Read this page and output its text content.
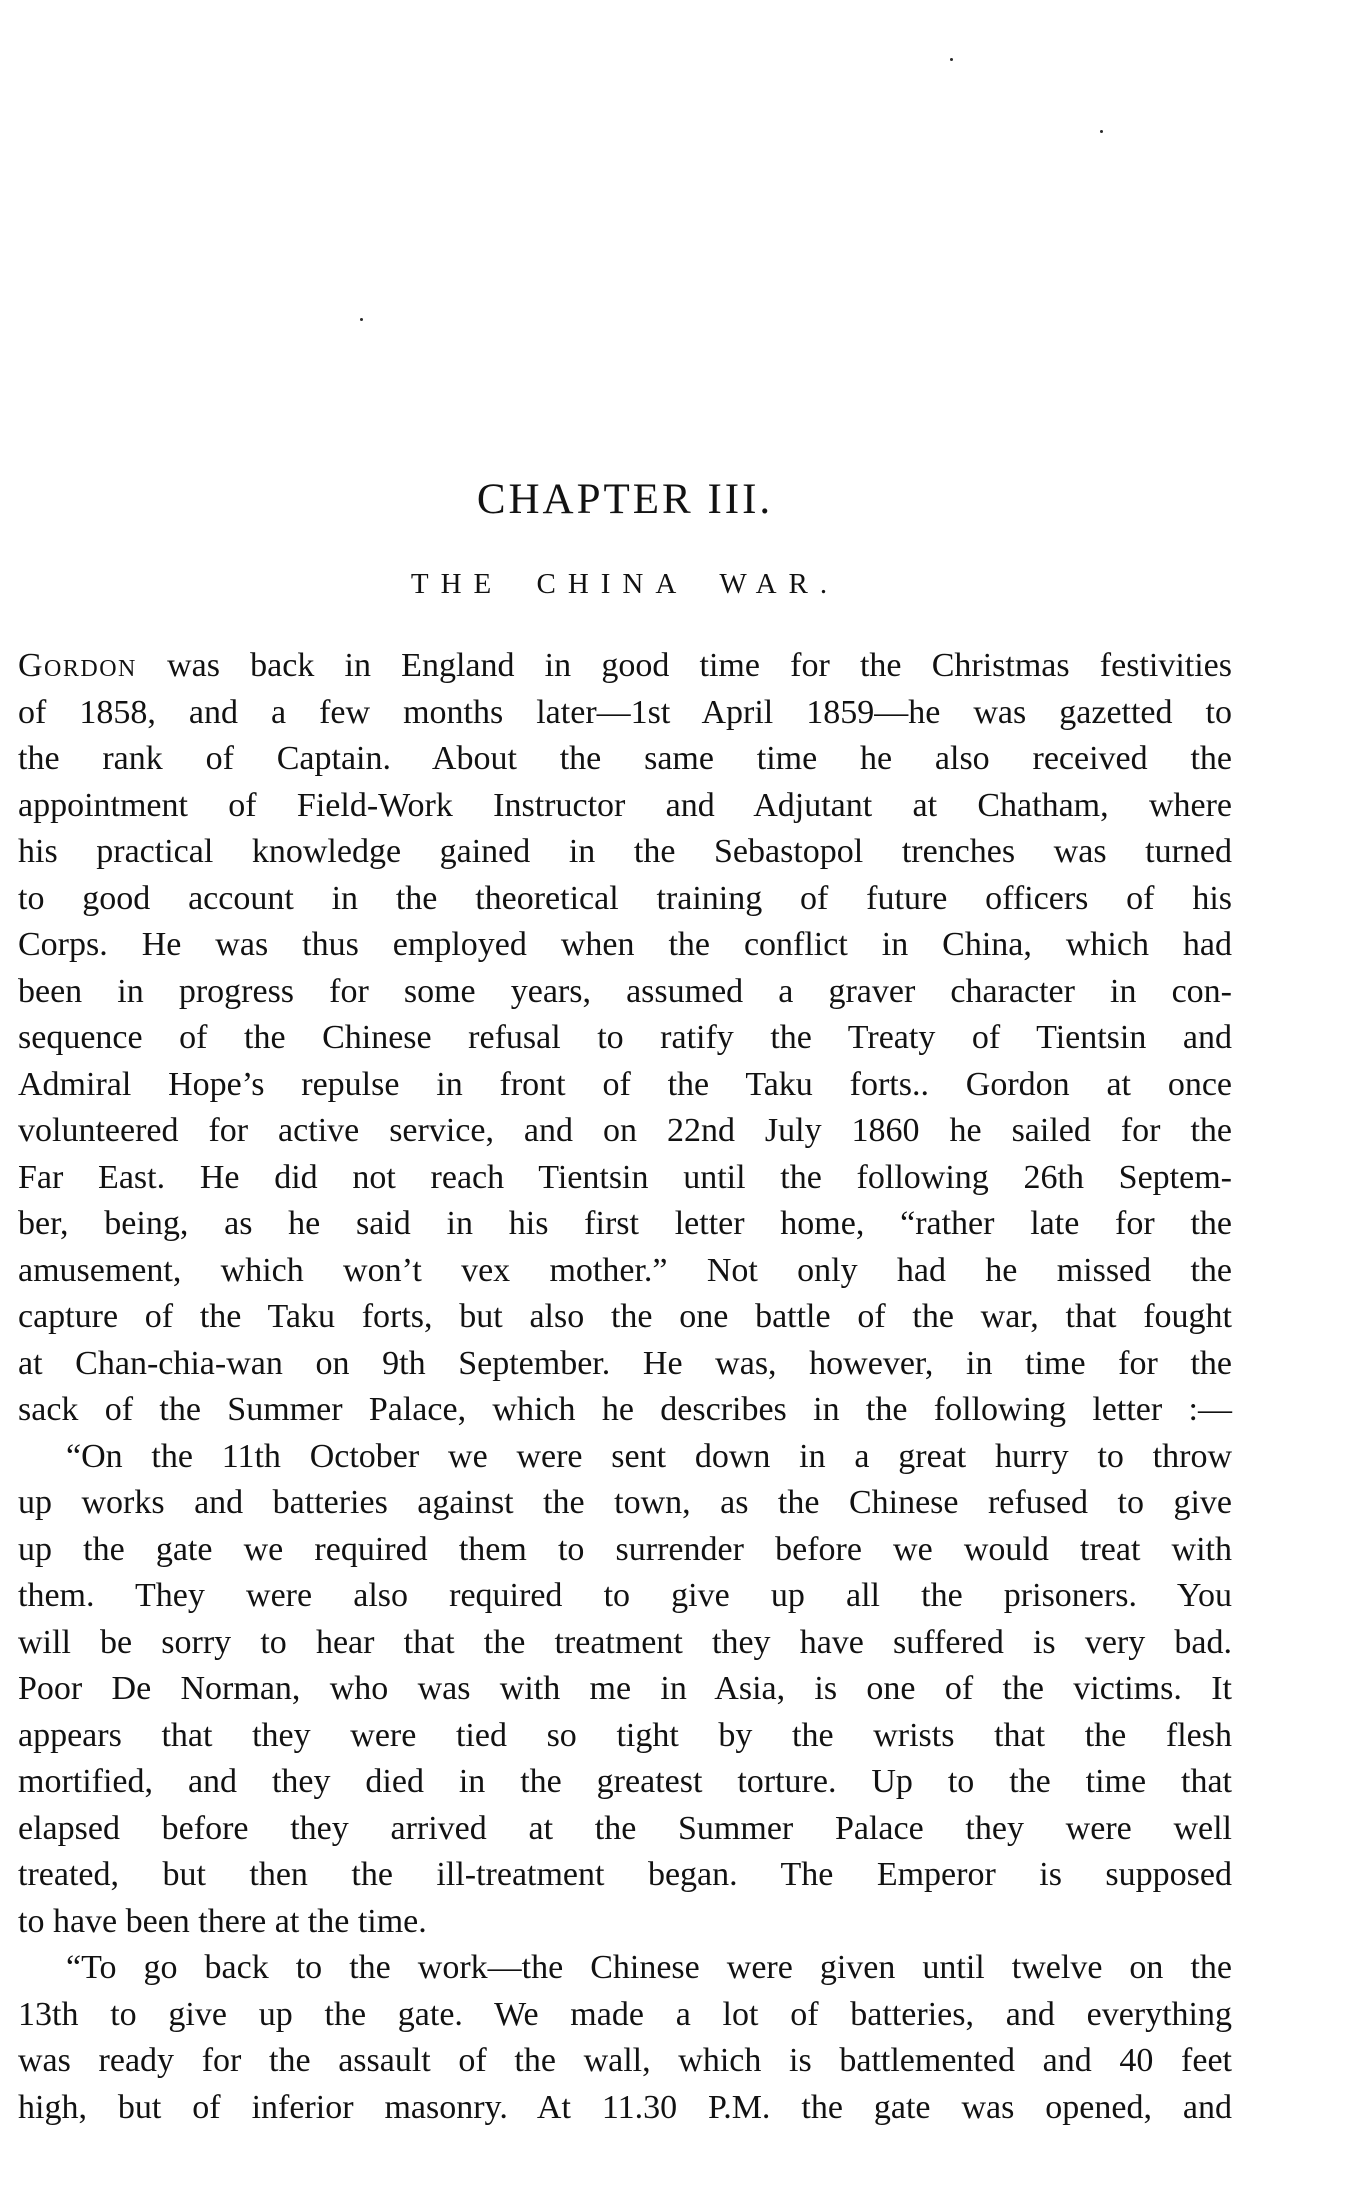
CHAPTER III.
THE CHINA WAR.
Gordon was back in England in good time for the Christmas festivities
of 1858, and a few months later—1st April 1859—he was gazetted to
the rank of Captain. About the same time he also received the
appointment of Field-Work Instructor and Adjutant at Chatham, where
his practical knowledge gained in the Sebastopol trenches was turned
to good account in the theoretical training of future officers of his
Corps. He was thus employed when the conflict in China, which had
been in progress for some years, assumed a graver character in con-
sequence of the Chinese refusal to ratify the Treaty of Tientsin and
Admiral Hope’s repulse in front of the Taku forts.. Gordon at once
volunteered for active service, and on 22nd July 1860 he sailed for the
Far East. He did not reach Tientsin until the following 26th Septem-
ber, being, as he said in his first letter home, “rather late for the
amusement, which won’t vex mother.” Not only had he missed the
capture of the Taku forts, but also the one battle of the war, that fought
at Chan-chia-wan on 9th September. He was, however, in time for the
sack of the Summer Palace, which he describes in the following letter :—
“On the 11th October we were sent down in a great hurry to throw
up works and batteries against the town, as the Chinese refused to give
up the gate we required them to surrender before we would treat with
them. They were also required to give up all the prisoners. You
will be sorry to hear that the treatment they have suffered is very bad.
Poor De Norman, who was with me in Asia, is one of the victims. It
appears that they were tied so tight by the wrists that the flesh
mortified, and they died in the greatest torture. Up to the time that
elapsed before they arrived at the Summer Palace they were well
treated, but then the ill-treatment began. The Emperor is supposed
to have been there at the time.
“To go back to the work—the Chinese were given until twelve on the
13th to give up the gate. We made a lot of batteries, and everything
was ready for the assault of the wall, which is battlemented and 40 feet
high, but of inferior masonry. At 11.30 P.M. the gate was opened, and
